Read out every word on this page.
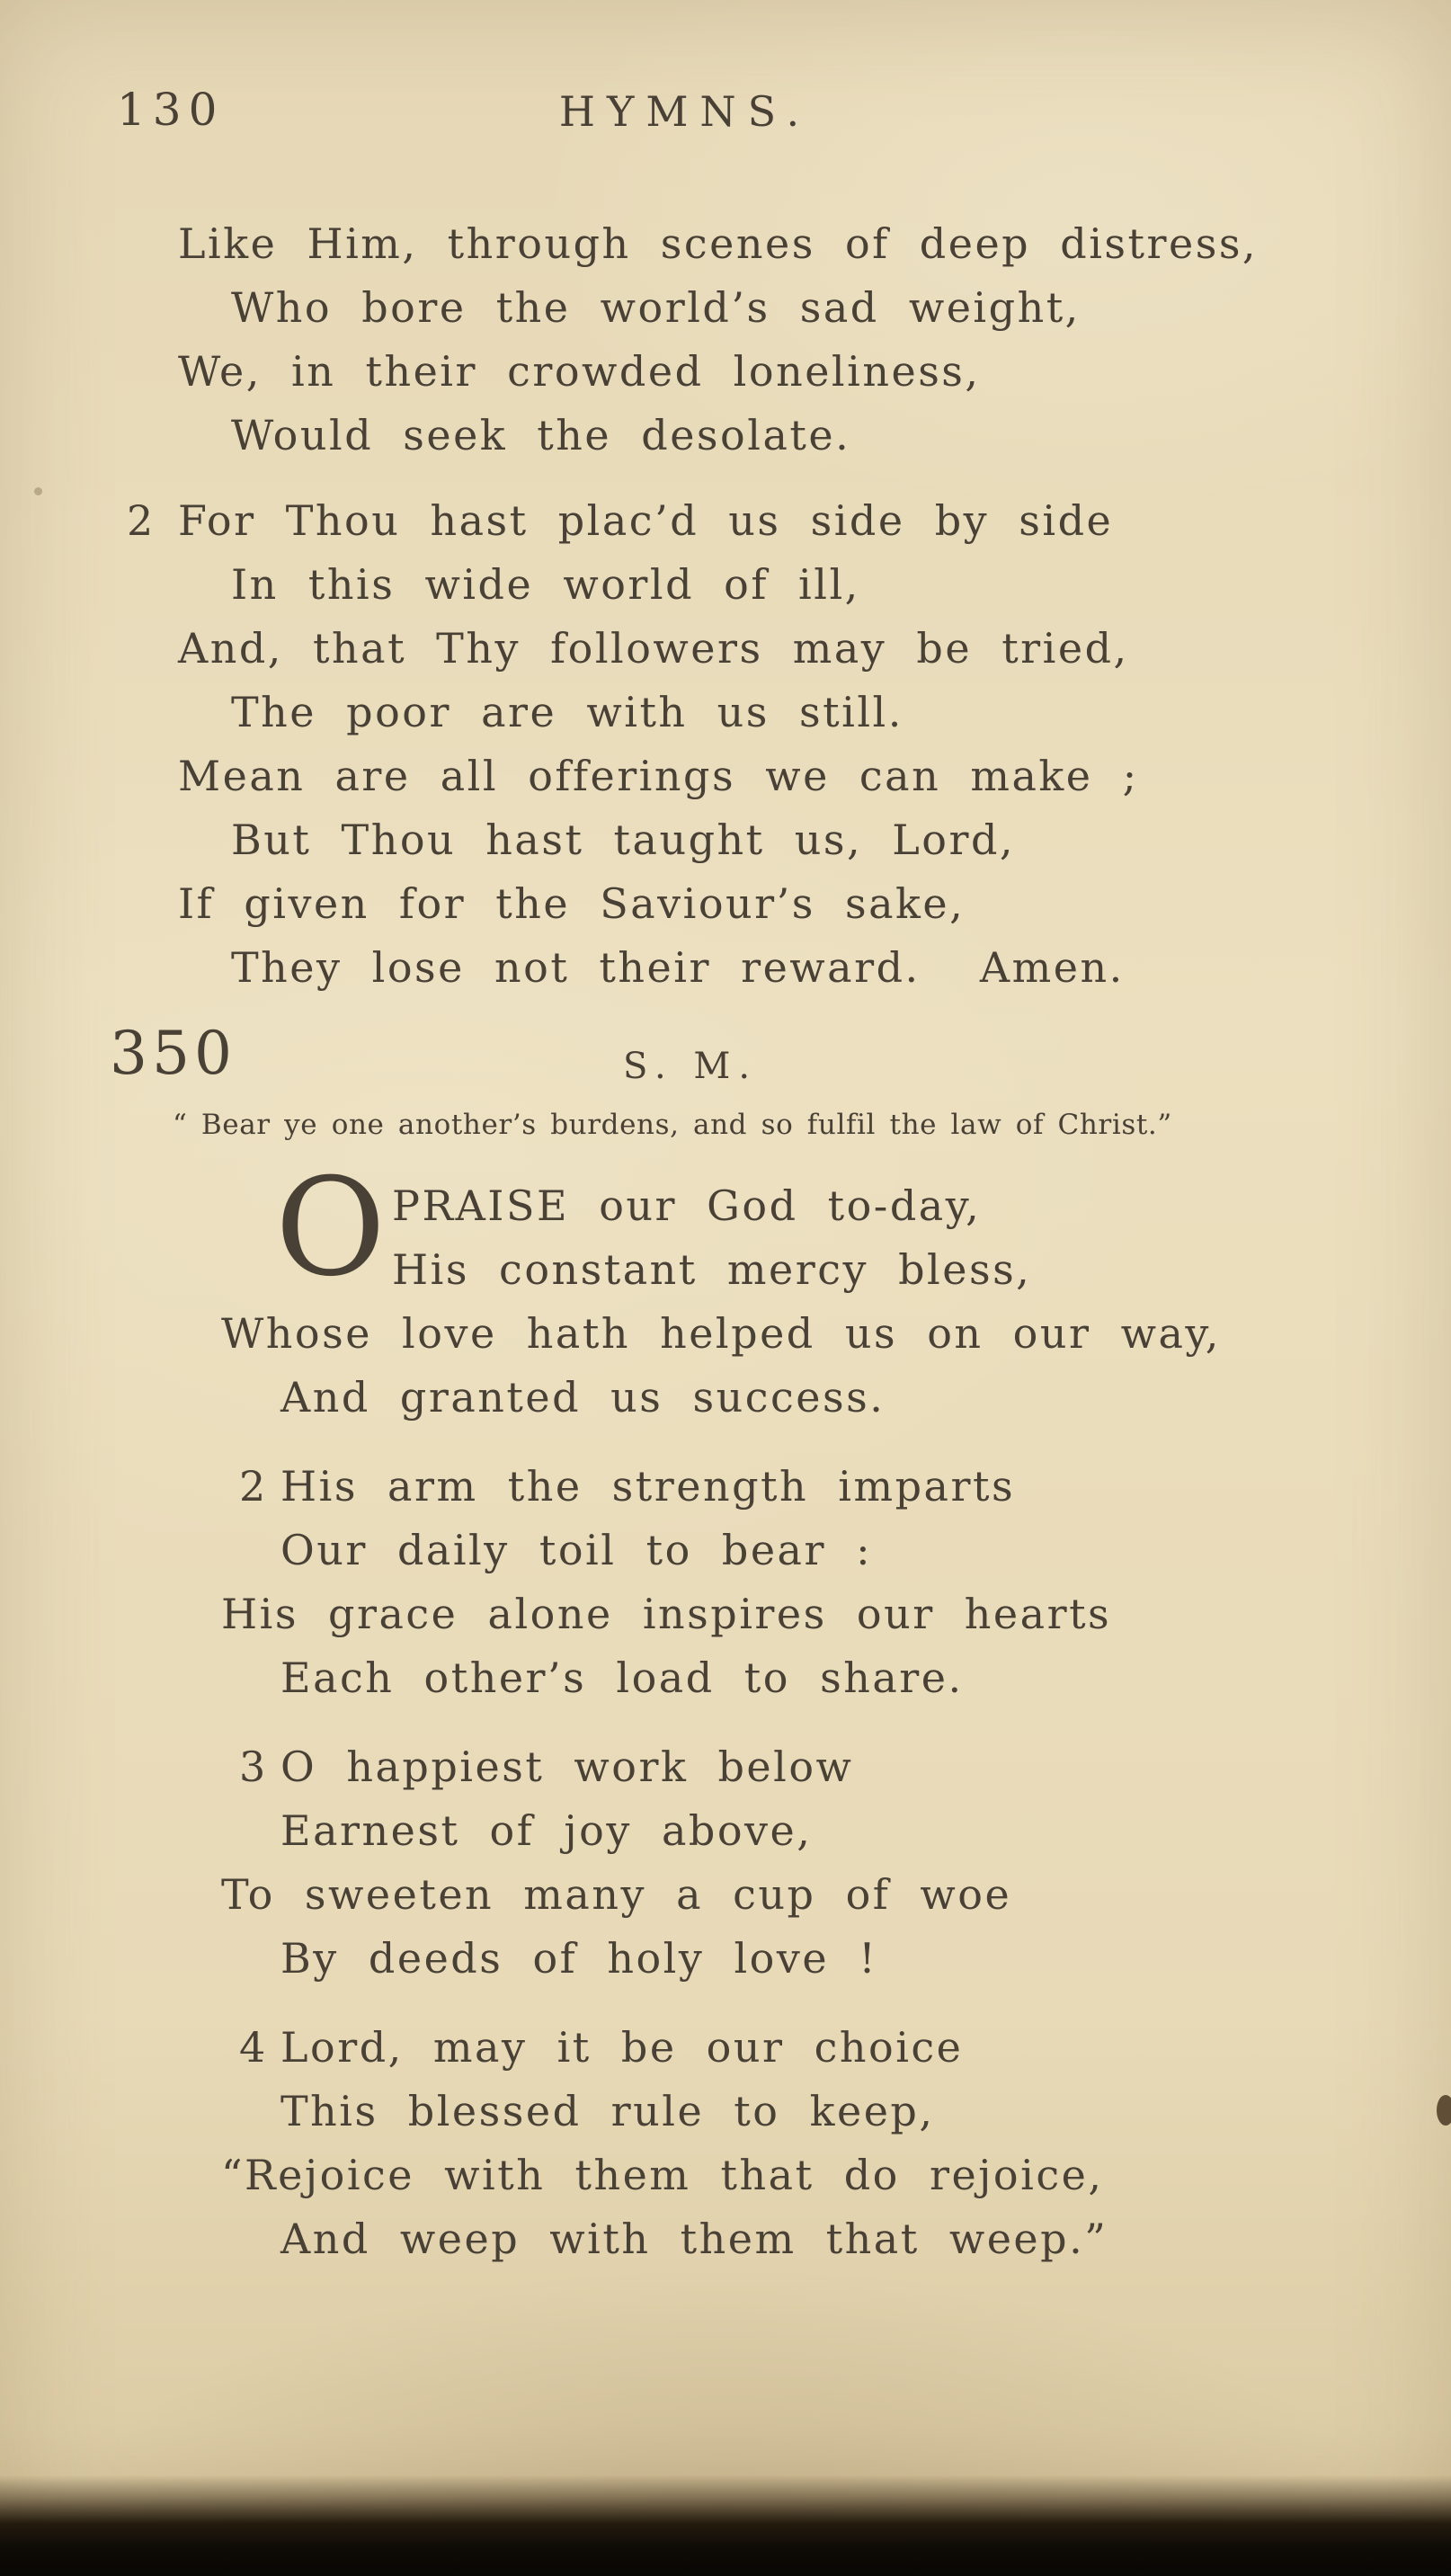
130	HYMNS.
Like Him, through scenes of deep distress,
Who bore the world’s sad weight,
We, in their crowded loneliness,
Would seek the desolate.
2 For Thou hast plac’d us side by side
In this wide world of ill,
And, that Thy followers may be tried,
The poor are with us still.
Mean are all offerings we can make ;
But Thou hast taught us, Lord,
If given for the Saviour’s sake,
They lose not their reward.  Amen.
350	S. M.

“ Bear ye one another’s burdens, and so fulfil the law of Christ.”

O PRAISE our God to-day,
His constant mercy bless,
Whose love hath helped us on our way,
And granted us success.
2 His arm the strength imparts
Our daily toil to bear :
His grace alone inspires our hearts
Each other’s load to share.
3 O happiest work below
Earnest of joy above,
To sweeten many a cup of woe
By deeds of holy love !
4 Lord, may it be our choice
This blessed rule to keep,
“Rejoice with them that do rejoice,
And weep with them that weep.”
